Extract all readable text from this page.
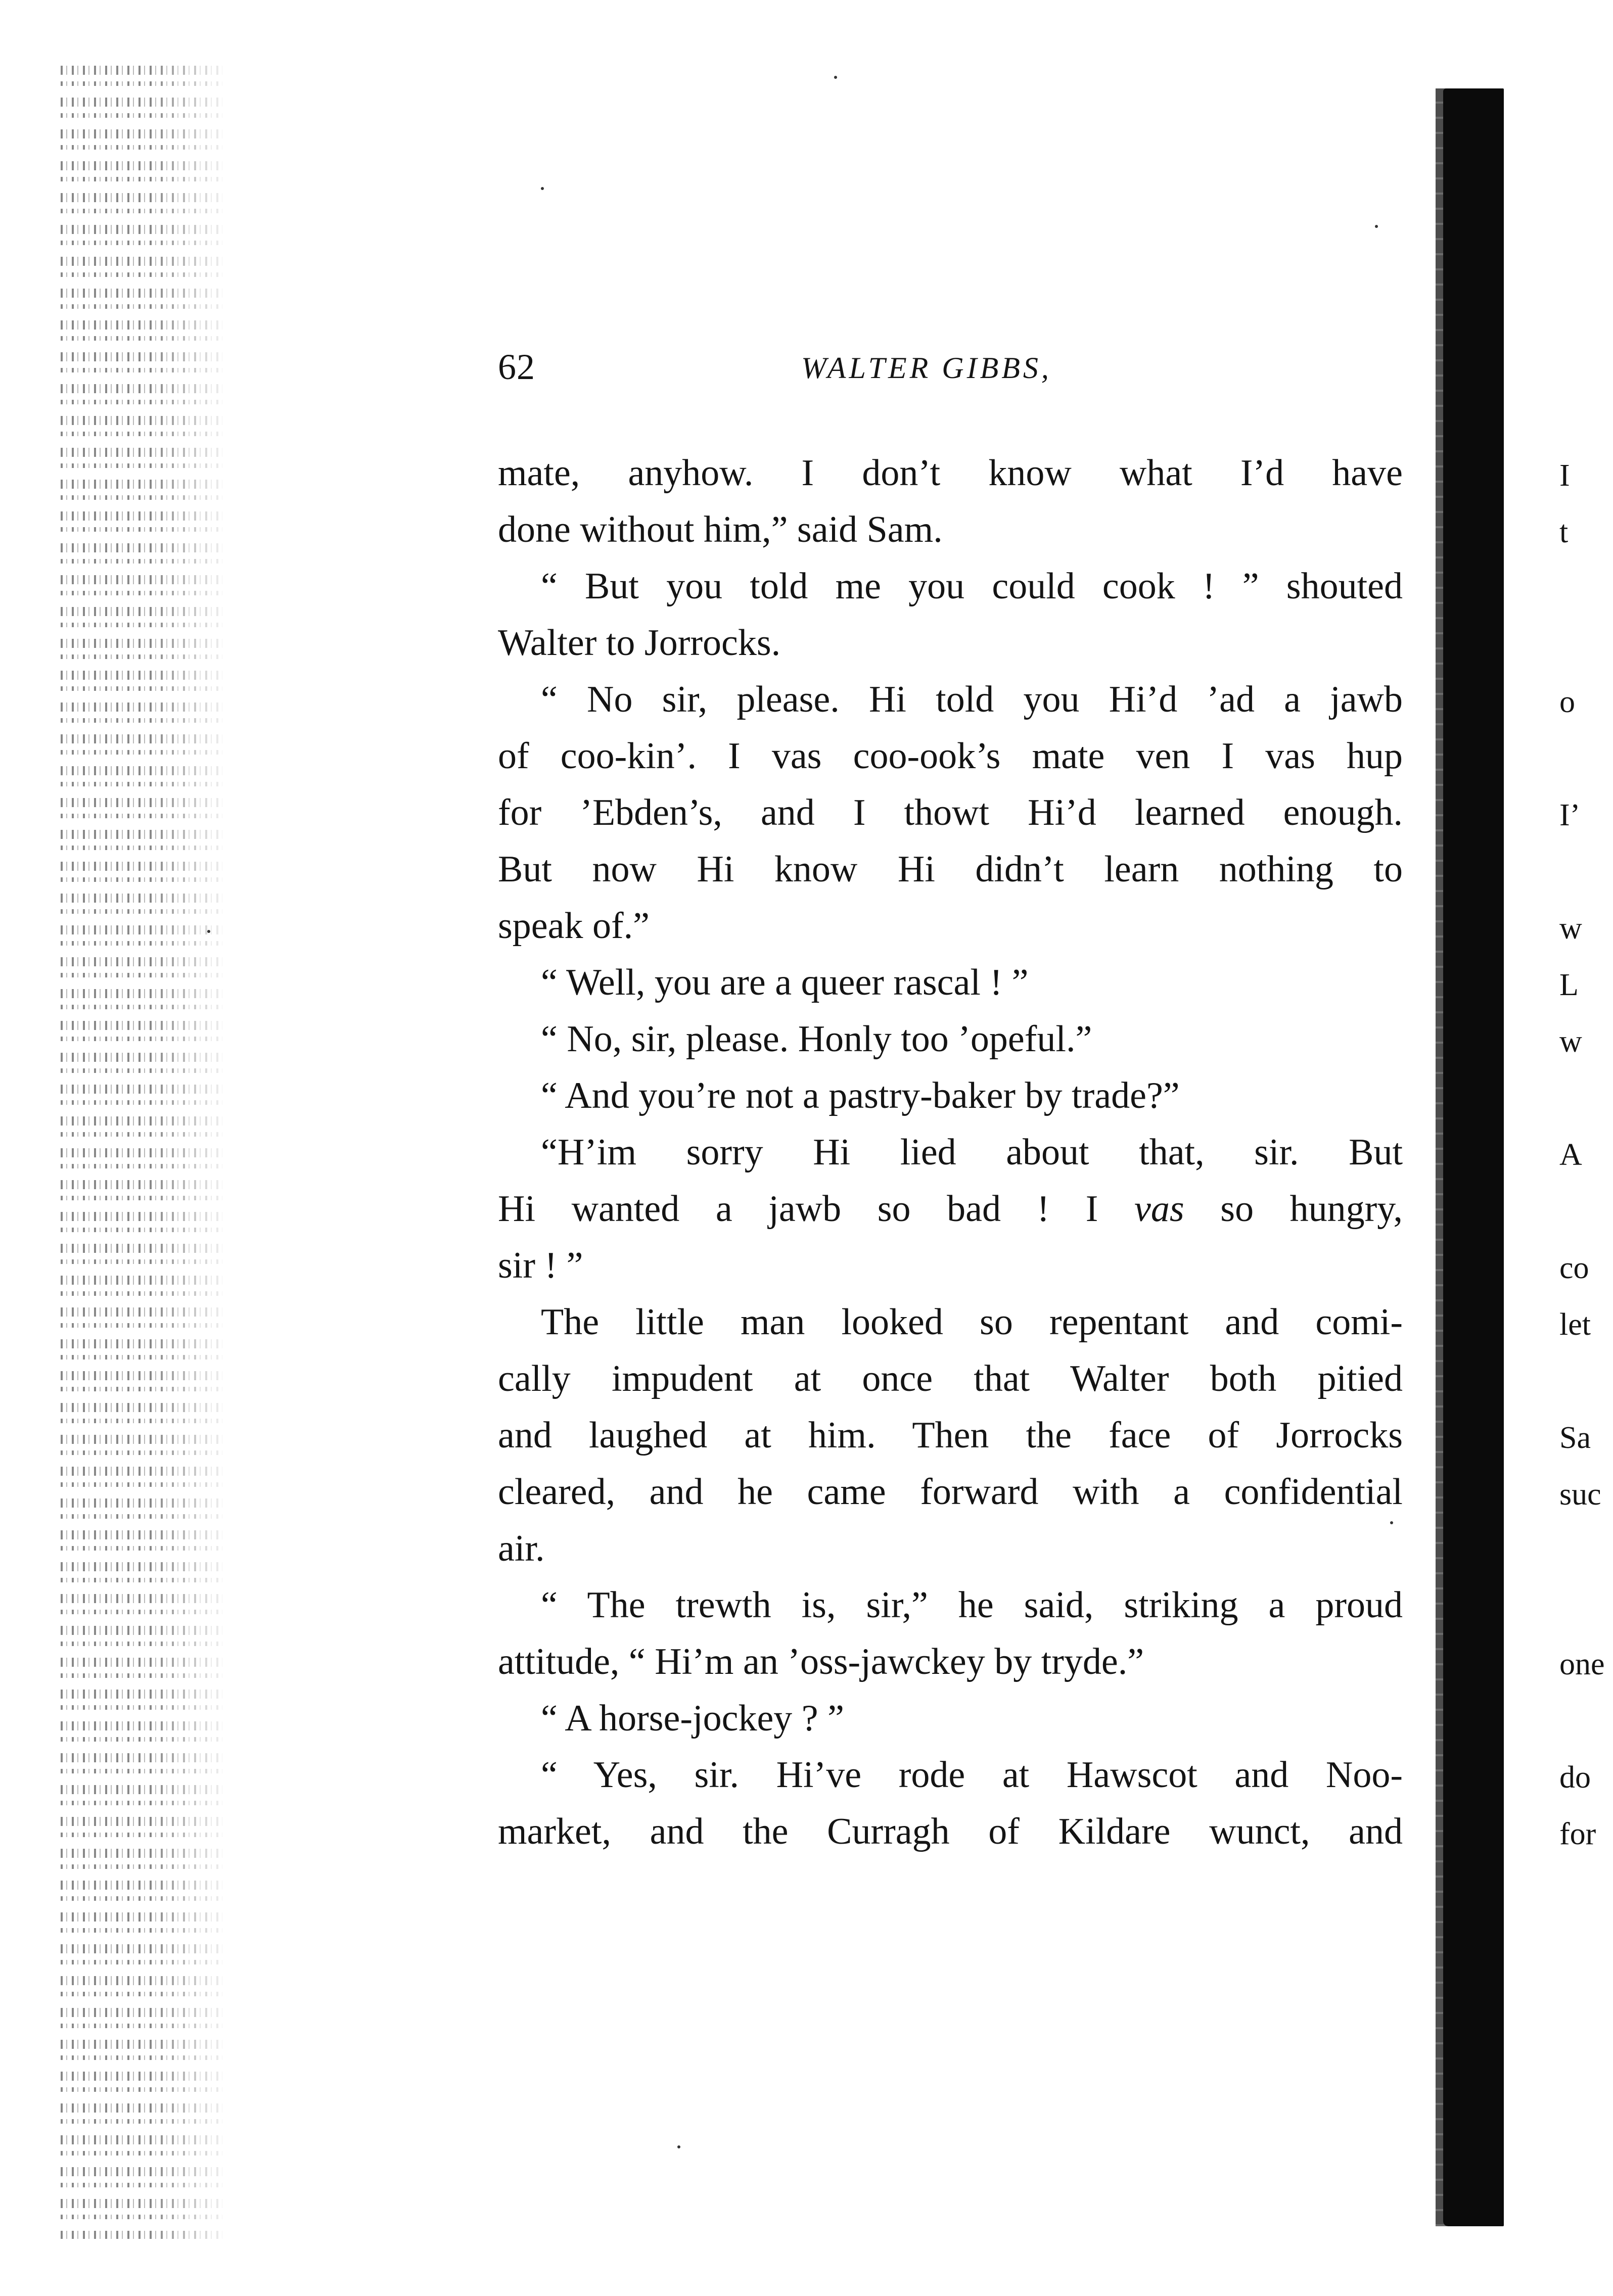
62	WALTER GIBBS,
mate, anyhow. I don’t know what I’d have
done without him,” said Sam.
“ But you told me you could cook ! ” shouted
Walter to Jorrocks.
“ No sir, please. Hi told you Hi’d ’ad a jawb
of coo-kin’. I vas coo-ook’s mate ven I vas hup
for ’Ebden’s, and I thowt Hi’d learned enough.
But now Hi know Hi didn’t learn nothing to
speak of.”
“ Well, you are a queer rascal ! ”
“ No, sir, please. Honly too ’opeful.”
“ And you’re not a pastry-baker by trade?”
“H’im sorry Hi lied about that, sir. But
Hi wanted a jawb so bad ! I vas so hungry,
sir ! ”
The little man looked so repentant and comi-
cally impudent at once that Walter both pitied
and laughed at him. Then the face of Jorrocks
cleared, and he came forward with a confidential
air.
“ The trewth is, sir,” he said, striking a proud
attitude, “ Hi’m an ’oss-jawckey by tryde.”
“ A horse-jockey ? ”
“ Yes, sir. Hi’ve rode at Hawscot and Noo-
market, and the Curragh of Kildare wunct, and
I
t
o
I’
w
L
w
A
co
let
Sa
suc
one
do
for
